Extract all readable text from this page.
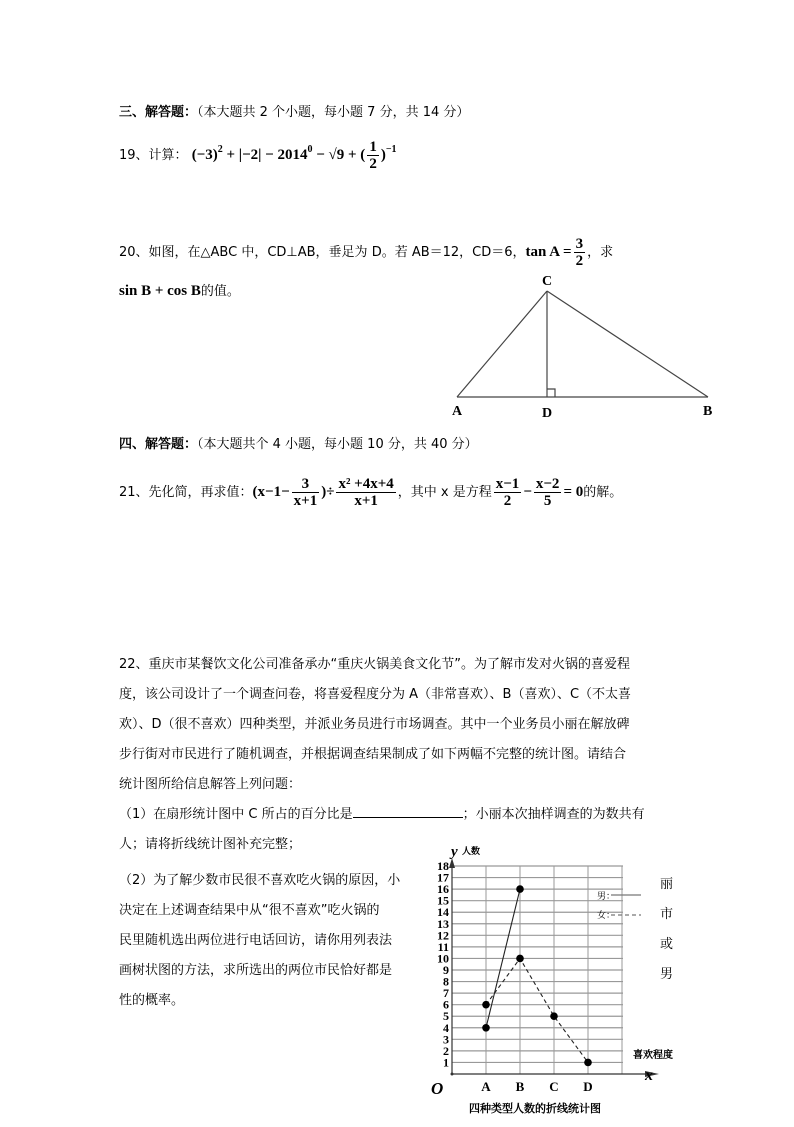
三、解答题：（本大题共 2 个小题，每小题 7 分，共 14 分）
19、计算： $(-3)^2 + |-2| - 2014^0 - √9$ + ( $\frac{1}{2} )^{-1}$
20、如图，在△ABC 中，CD⊥AB，垂足为 D。若 AB＝12，CD＝6，$\tan A = \frac{3}{2}$ ，求
sin B + cos B的值。
C
A	D	B
四、解答题：（本大题共个 4 小题，每小题 10 分，共 40 分）
21、先化简，再求值：($x-1- \frac{3}{x+1}$ )÷ $\frac{\text{x² +4x+4}}{x+1}$ ，其中 x 是方程 $\frac{x-1}{2} - \frac{x-2}{5} = 0$的解。
22、重庆市某餐饮文化公司准备承办“重庆火锅美食文化节”。为了解市发对火锅的喜爱程
度，该公司设计了一个调查问卷，将喜爱程度分为 A（非常喜欢）、B（喜欢）、C（不太喜
欢）、D（很不喜欢）四种类型，并派业务员进行市场调查。其中一个业务员小丽在解放碑
步行街对市民进行了随机调查，并根据调查结果制成了如下两幅不完整的统计图。请结合
统计图所给信息解答上列问题：
（1）在扇形统计图中 C 所占的百分比是	；小丽本次抽样调查的为数共有
人；请将折线统计图补充完整；
（2）为了解少数市民很不喜欢吃火锅的原因，小
决定在上述调查结果中从“很不喜欢”吃火锅的
民里随机选出两位进行电话回访，请你用列表法
画树状图的方法，求所选出的两位市民恰好都是
性的概率。
丽
市
或
男
1
2
3
4
5
6
7
8
9
10
11
12
13
14
15
16
17
18
y 人数
O
喜欢程度
x
A B C D
男：
女：
四种类型人数的折线统计图
